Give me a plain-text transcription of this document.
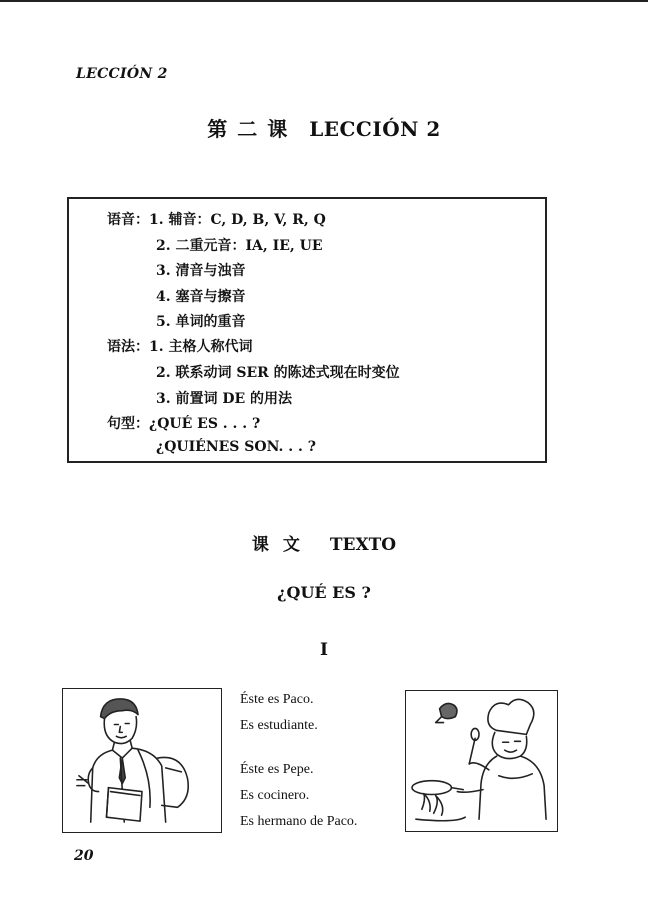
LECCIÓN 2
第二课 LECCIÓN 2
语音：1. 辅音：C, D, B, V, R, Q
2. 二重元音：IA, IE, UE
3. 清音与浊音
4. 塞音与擦音
5. 单词的重音
语法：1. 主格人称代词
2. 联系动词 SER 的陈述式现在时变位
3. 前置词 DE 的用法
句型：¿QUÉ ES . . . ?
¿QUIÉNES SON. . . ?
课文 TEXTO
¿QUÉ ES ?
I
Éste es Paco.
Es estudiante.
Éste es Pepe.
Es cocinero.
Es hermano de Paco.
20
